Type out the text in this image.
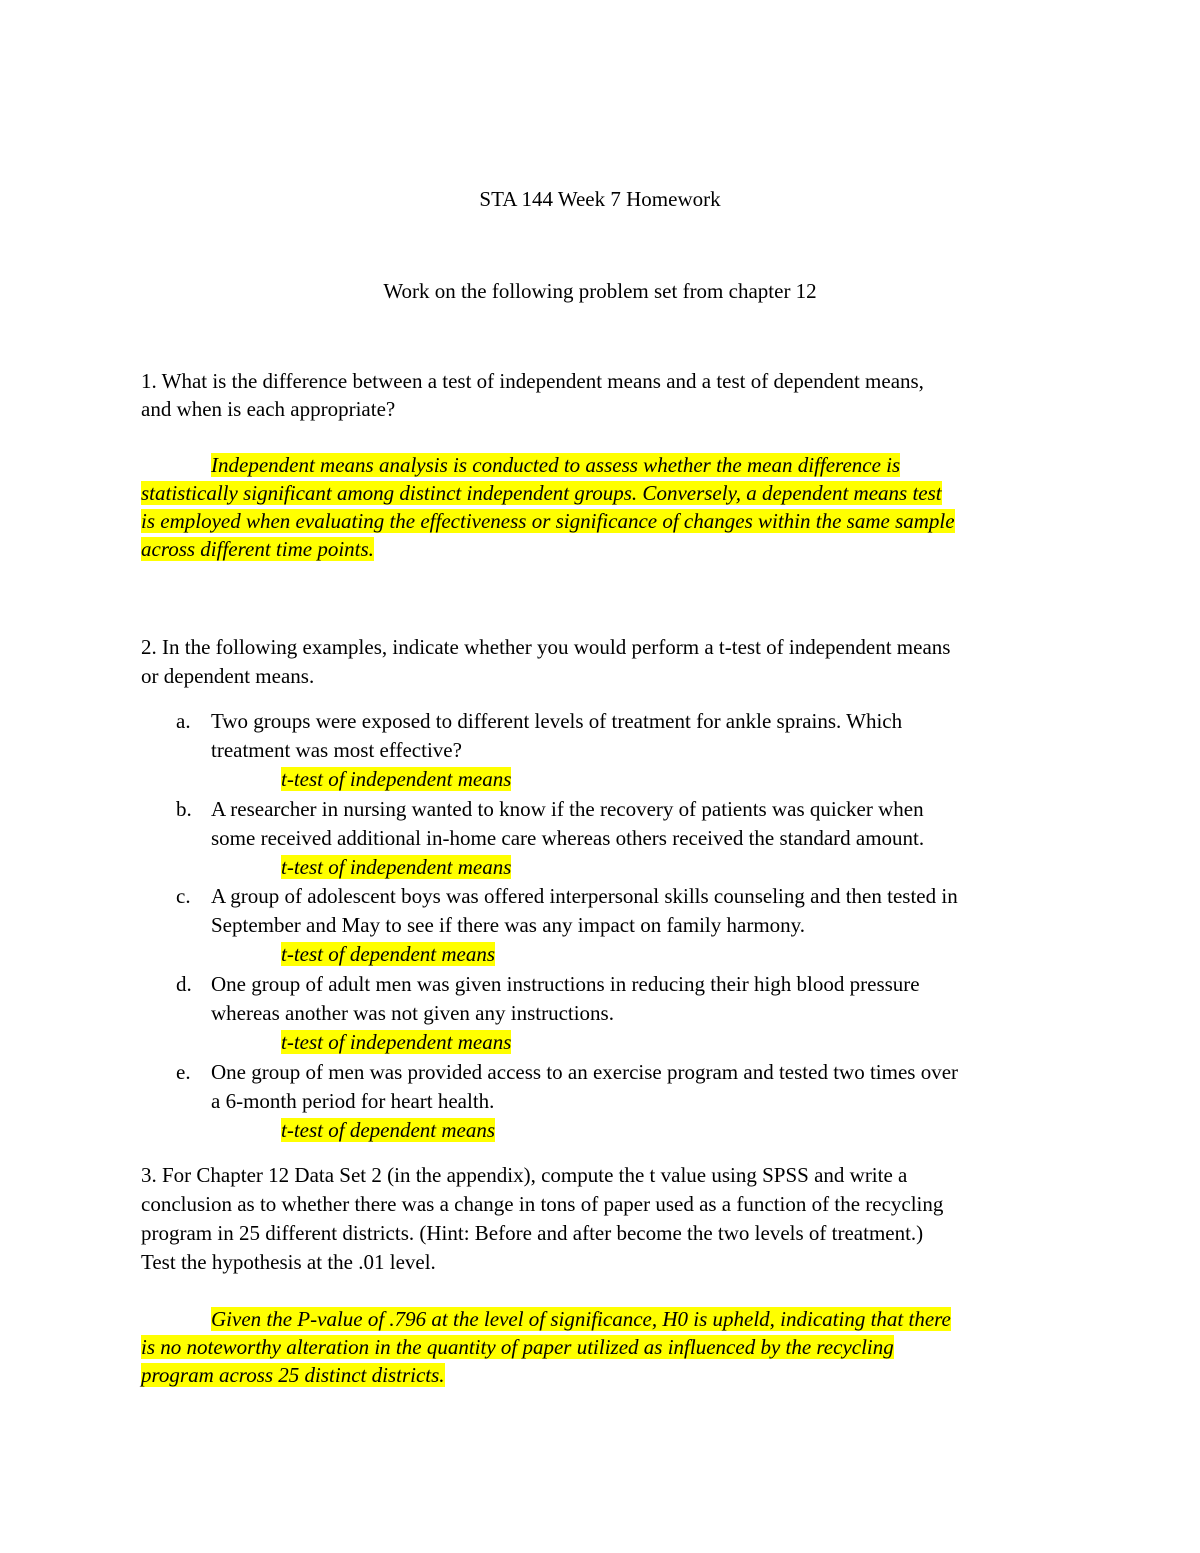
STA 144 Week 7 Homework
Work on the following problem set from chapter 12
1. What is the difference between a test of independent means and a test of dependent means,
and when is each appropriate?
Independent means analysis is conducted to assess whether the mean difference is
statistically significant among distinct independent groups. Conversely, a dependent means test
is employed when evaluating the effectiveness or significance of changes within the same sample
across different time points.
2. In the following examples, indicate whether you would perform a t-test of independent means
or dependent means.
a. Two groups were exposed to different levels of treatment for ankle sprains. Which
treatment was most effective?
t-test of independent means
b. A researcher in nursing wanted to know if the recovery of patients was quicker when
some received additional in-home care whereas others received the standard amount.
t-test of independent means
c. A group of adolescent boys was offered interpersonal skills counseling and then tested in
September and May to see if there was any impact on family harmony.
t-test of dependent means
d. One group of adult men was given instructions in reducing their high blood pressure
whereas another was not given any instructions.
t-test of independent means
e. One group of men was provided access to an exercise program and tested two times over
a 6-month period for heart health.
t-test of dependent means
3. For Chapter 12 Data Set 2 (in the appendix), compute the t value using SPSS and write a
conclusion as to whether there was a change in tons of paper used as a function of the recycling
program in 25 different districts. (Hint: Before and after become the two levels of treatment.)
Test the hypothesis at the .01 level.
Given the P-value of .796 at the level of significance, H0 is upheld, indicating that there
is no noteworthy alteration in the quantity of paper utilized as influenced by the recycling
program across 25 distinct districts.
